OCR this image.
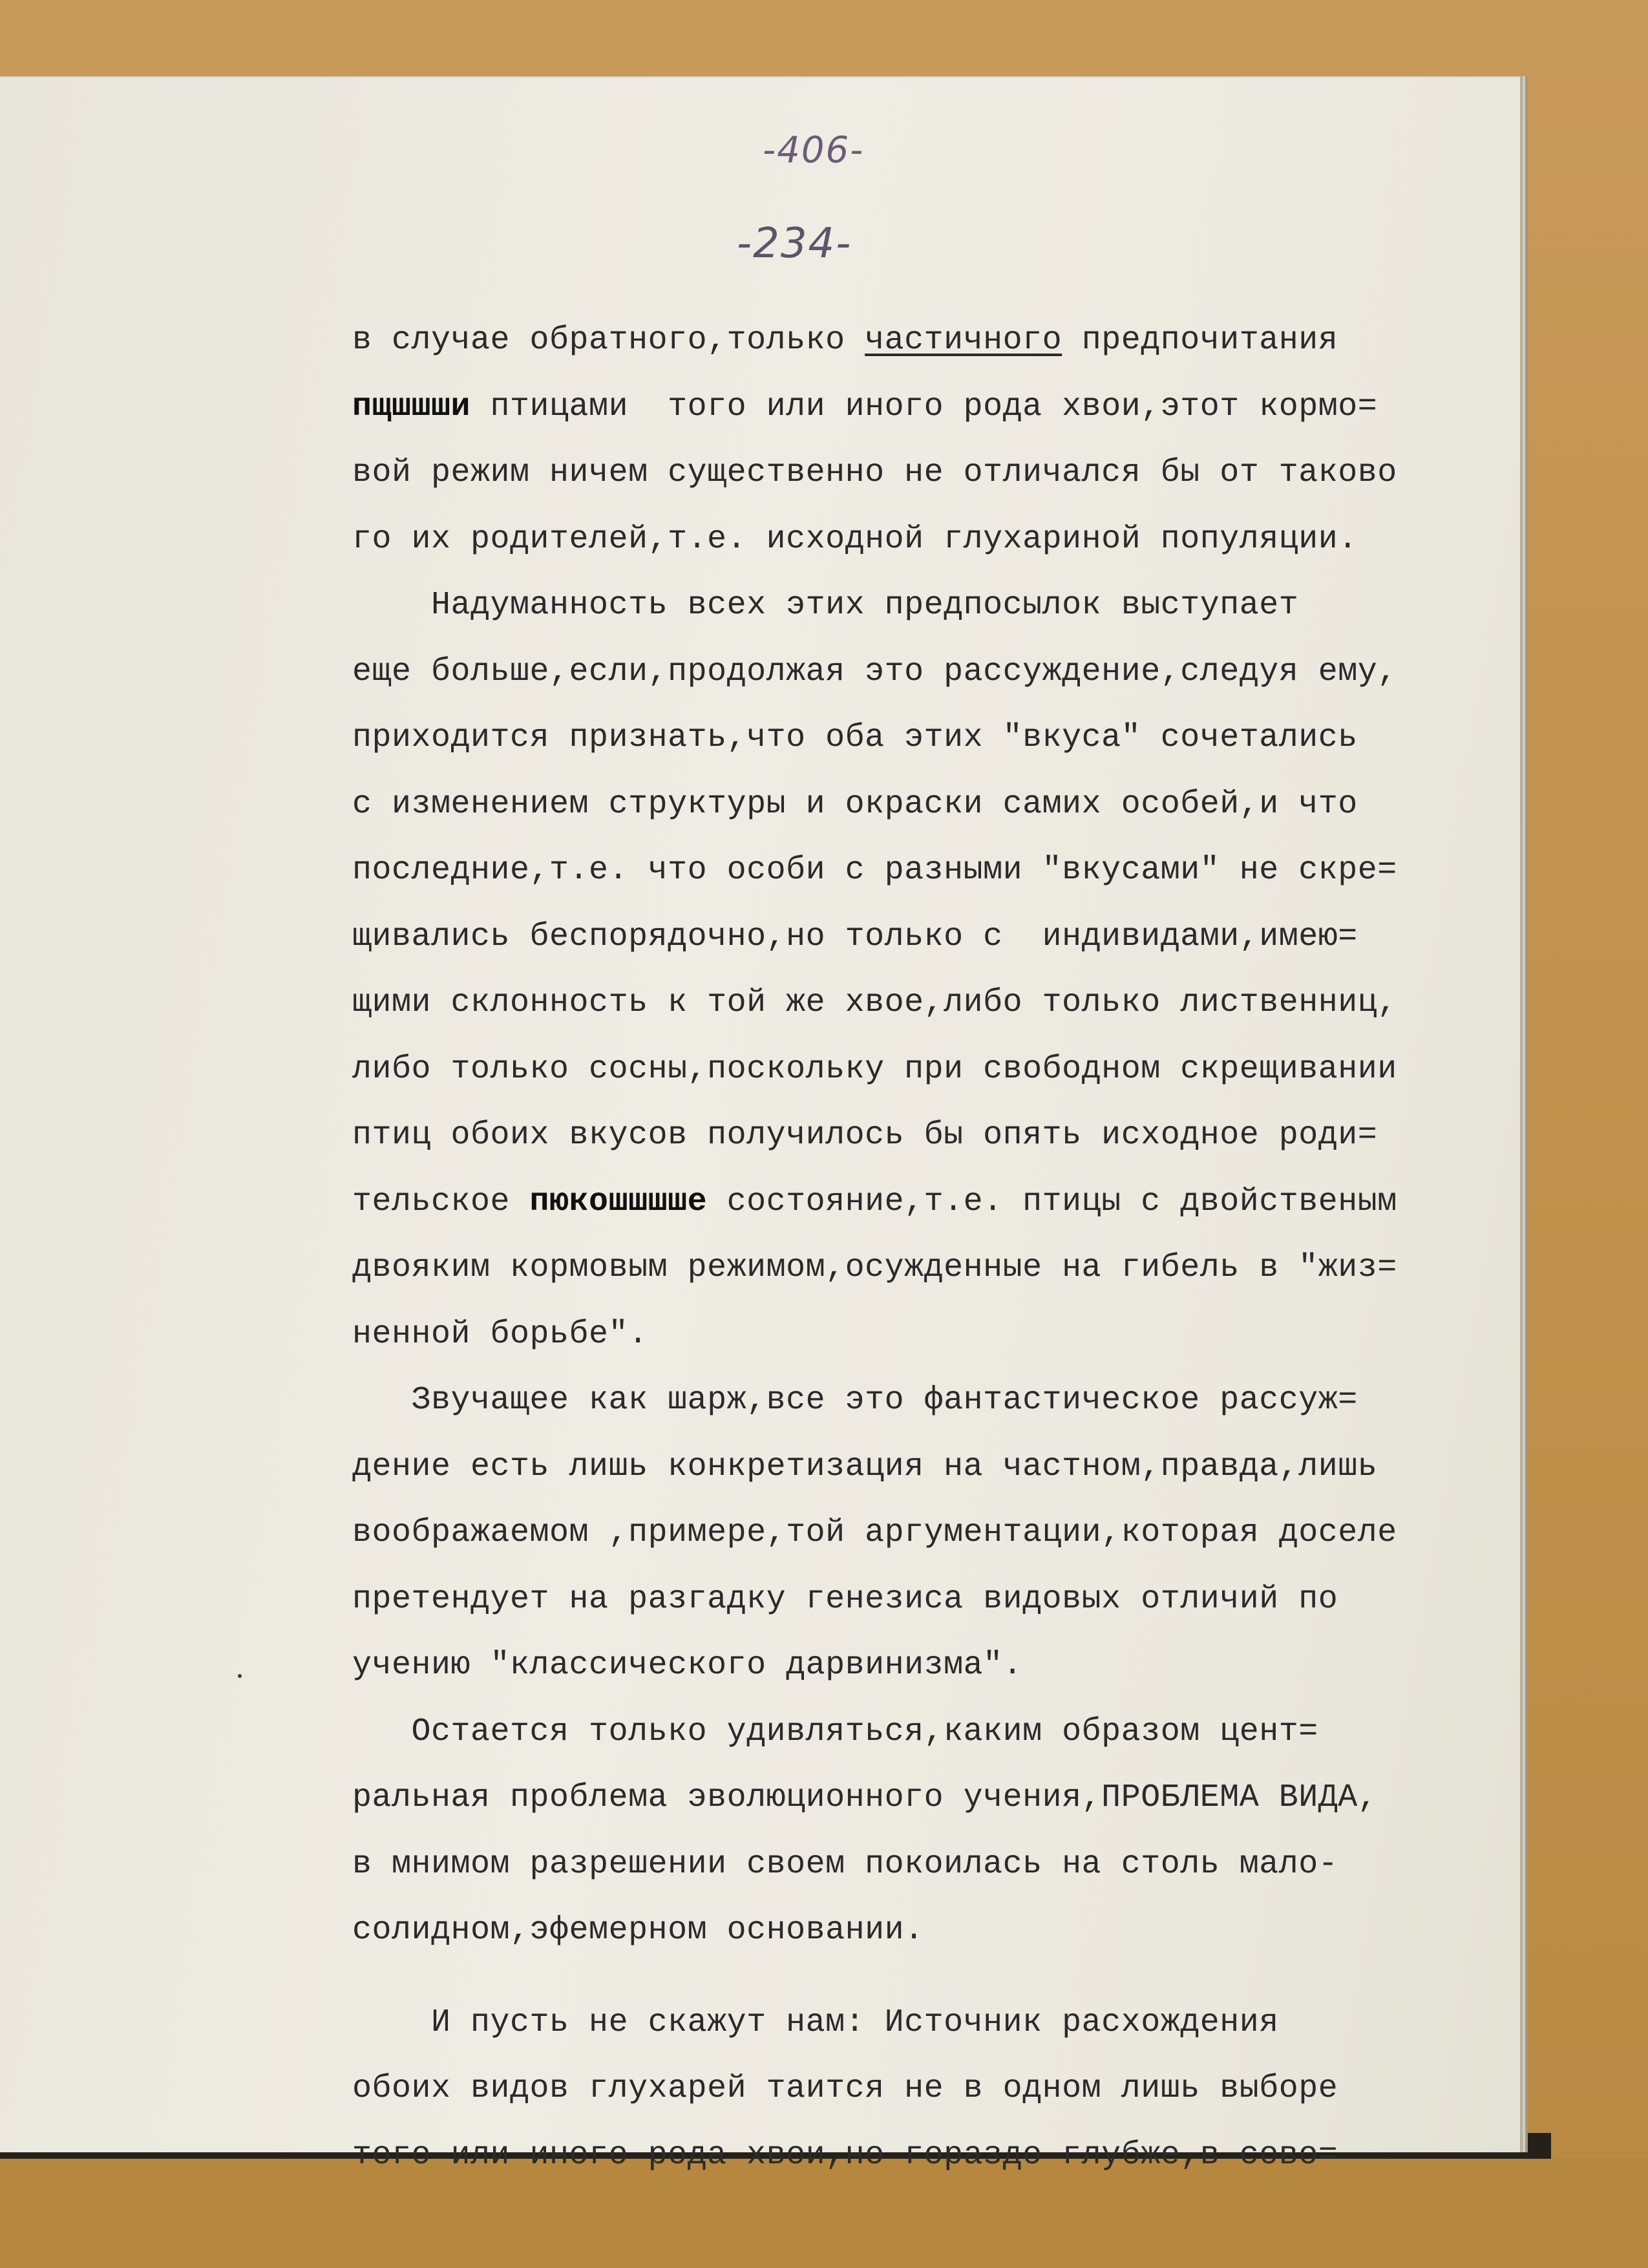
-406-
-234-
в случае обратного,только частичного предпочитания
пщшшши птицами  того или иного рода хвои,этот кормо=
вой режим ничем существенно не отличался бы от таково
го их родителей,т.е. исходной глухариной популяции.
Надуманность всех этих предпосылок выступает
еще больше,если,продолжая это рассуждение,следуя ему,
приходится признать,что оба этих "вкуса" сочетались
с изменением структуры и окраски самих особей,и что
последние,т.е. что особи с разными "вкусами" не скре=
щивались беспорядочно,но только с  индивидами,имею=
щими склонность к той же хвое,либо только лиственниц,
либо только сосны,поскольку при свободном скрещивании
птиц обоих вкусов получилось бы опять исходное роди=
тельское пюкошшшше состояние,т.е. птицы с двойственым
двояким кормовым режимом,осужденные на гибель в "жиз=
ненной борьбе".
Звучащее как шарж,все это фантастическое рассуж=
дение есть лишь конкретизация на частном,правда,лишь
воображаемом ,примере,той аргументации,которая доселе
претендует на разгадку генезиса видовых отличий по
учению "классического дарвинизма".
Остается только удивляться,каким образом цент=
ральная проблема эволюционного учения,ПРОБЛЕМА ВИДА,
в мнимом разрешении своем покоилась на столь мало-
солидном,эфемерном основании.
И пусть не скажут нам: Источник расхождения
обоих видов глухарей таится не в одном лишь выборе
того или иного рода хвои,но гораздо глубже,в сово=
